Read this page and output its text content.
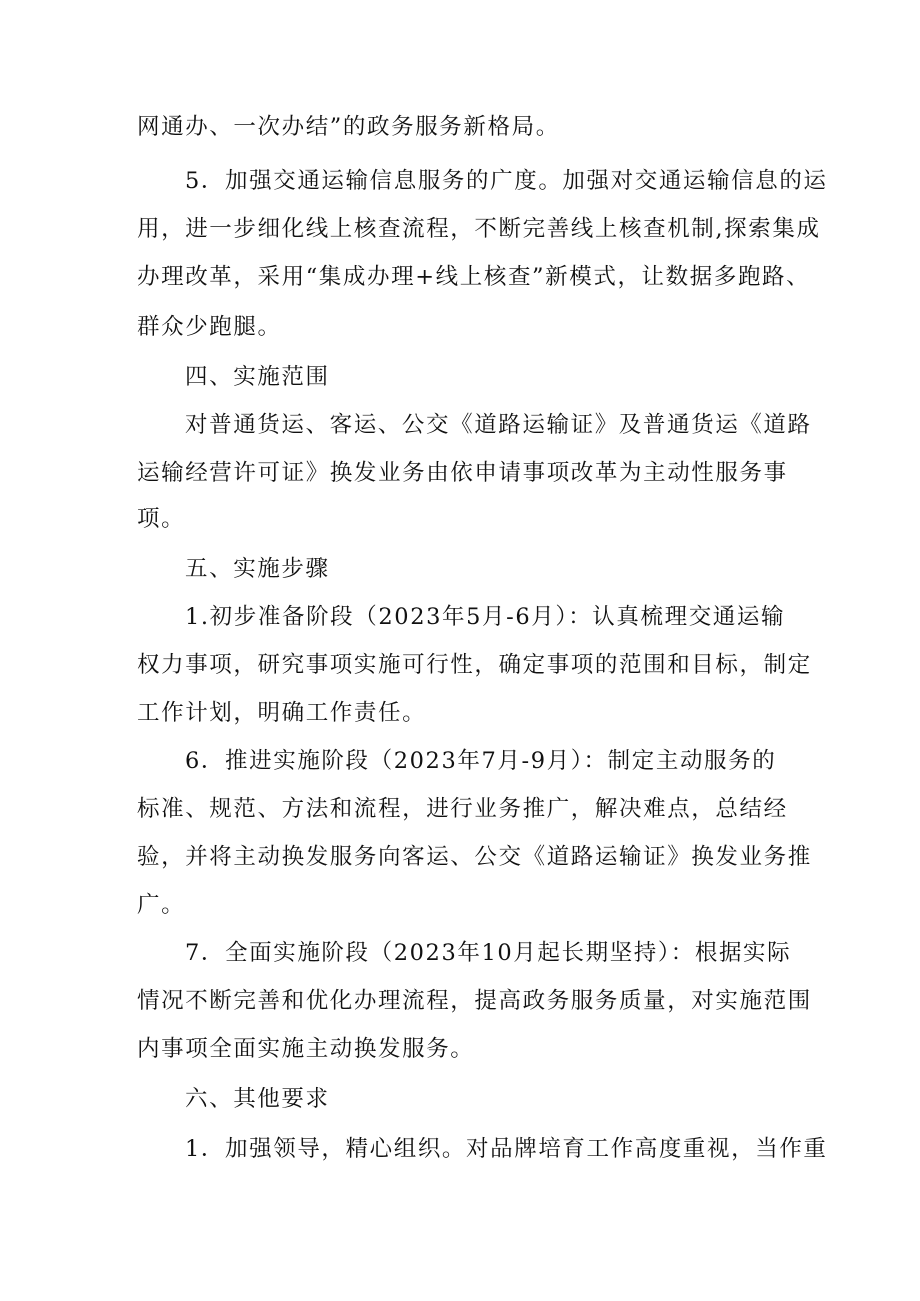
网通办、一次办结”的政务服务新格局。

5．加强交通运输信息服务的广度。加强对交通运输信息的运

用，进一步细化线上核查流程，不断完善线上核查机制,探索集成

办理改革，采用“集成办理+线上核查”新模式，让数据多跑路、

群众少跑腿。

四、实施范围

对普通货运、客运、公交《道路运输证》及普通货运《道路

运输经营许可证》换发业务由依申请事项改革为主动性服务事

项。

五、实施步骤

1.初步准备阶段（2023年5月-6月）：认真梳理交通运输

权力事项，研究事项实施可行性，确定事项的范围和目标，制定

工作计划，明确工作责任。

6．推进实施阶段（2023年7月-9月）：制定主动服务的

标准、规范、方法和流程，进行业务推广，解决难点，总结经

验，并将主动换发服务向客运、公交《道路运输证》换发业务推

广。

7．全面实施阶段（2023年10月起长期坚持）：根据实际

情况不断完善和优化办理流程，提高政务服务质量，对实施范围

内事项全面实施主动换发服务。

六、其他要求

1．加强领导，精心组织。对品牌培育工作高度重视，当作重
